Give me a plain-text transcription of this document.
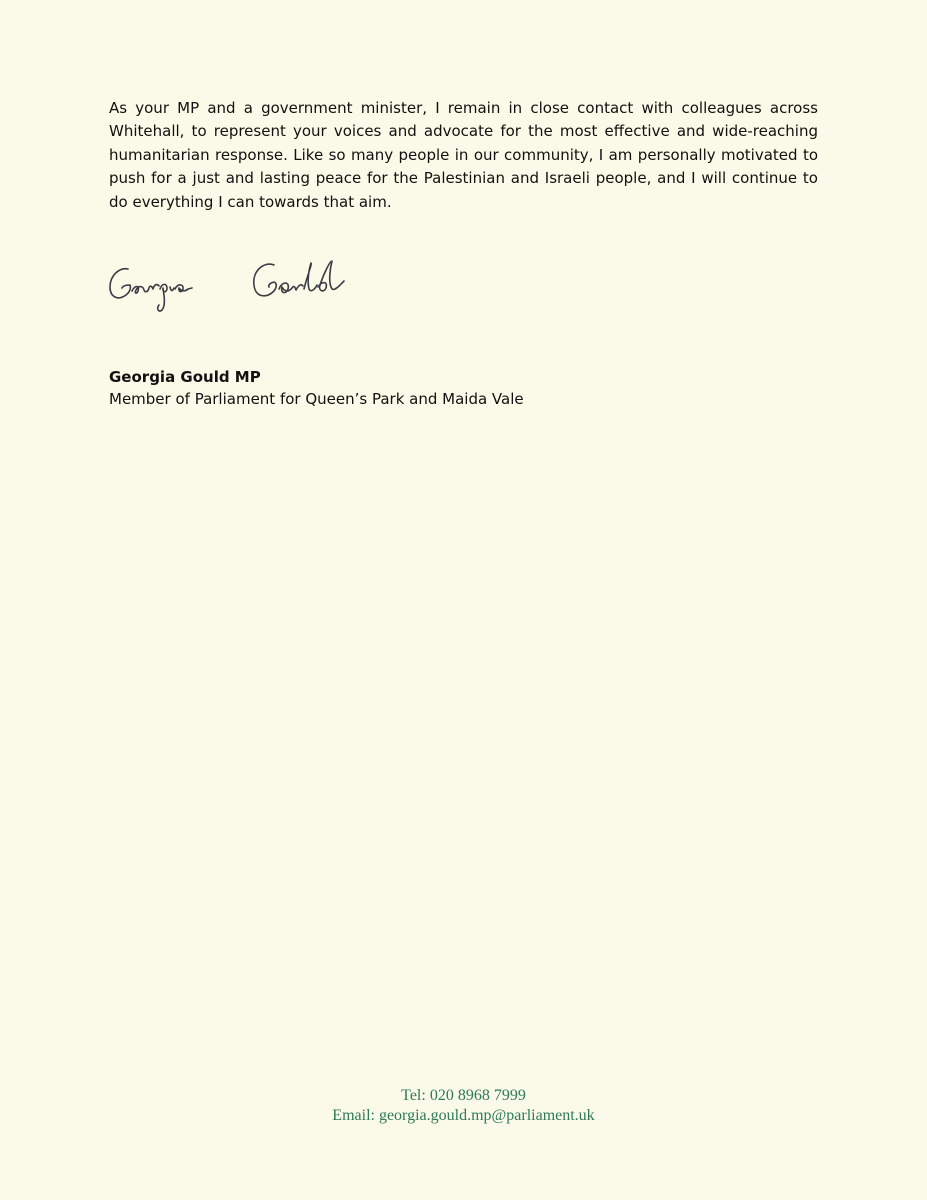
As your MP and a government minister, I remain in close contact with colleagues across Whitehall, to represent your voices and advocate for the most effective and wide-reaching humanitarian response. Like so many people in our community, I am personally motivated to push for a just and lasting peace for the Palestinian and Israeli people, and I will continue to do everything I can towards that aim.

Georgia Gould MP

Member of Parliament for Queen’s Park and Maida Vale

Tel: 020 8968 7999
Email: georgia.gould.mp@parliament.uk
